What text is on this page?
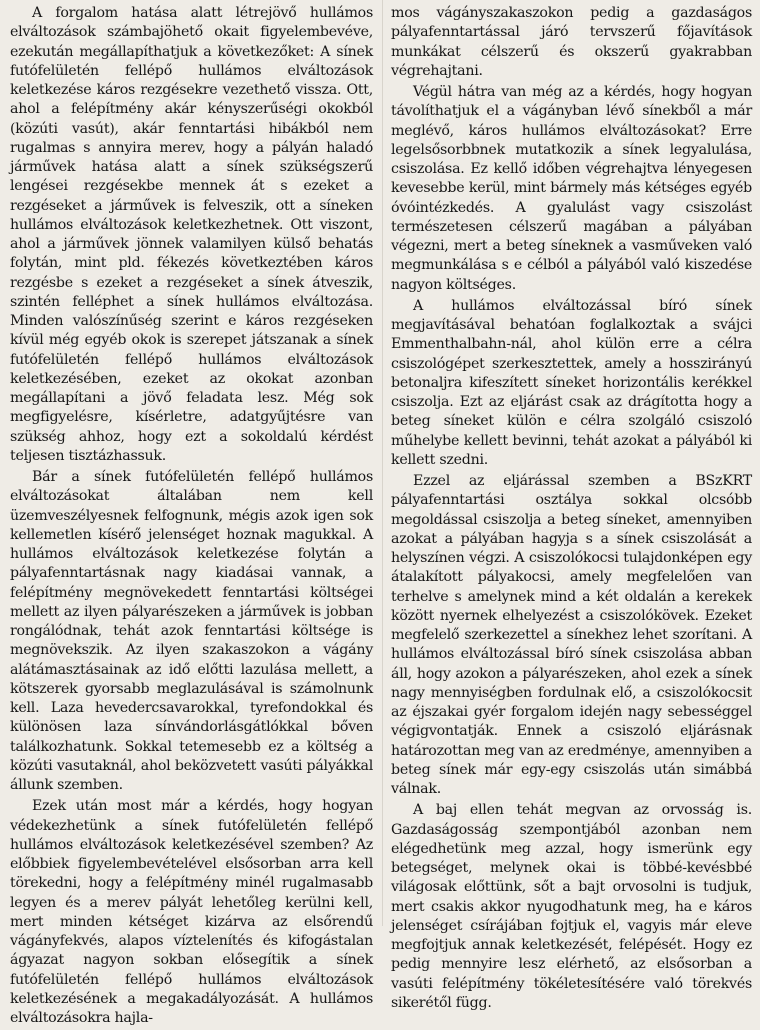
A forgalom hatása alatt létrejövő hullámos elváltozások számbajöhető okait figyelembevéve, ezekután megállapíthatjuk a következőket: A sínek futófelületén fellépő hullámos elváltozások keletkezése káros rezgésekre vezethető vissza. Ott, ahol a felépítmény akár kényszerűségi okokból (közúti vasút), akár fenntartási hibákból nem rugalmas s annyira merev, hogy a pályán haladó járművek hatása alatt a sínek szükségszerű lengései rezgésekbe mennek át s ezeket a rezgéseket a járművek is felveszik, ott a síneken hullámos elváltozások keletkezhetnek. Ott viszont, ahol a járművek jönnek valamilyen külső behatás folytán, mint pld. fékezés következtében káros rezgésbe s ezeket a rezgéseket a sínek átveszik, szintén felléphet a sínek hullámos elváltozása. Minden valószínűség szerint e káros rezgéseken kívül még egyéb okok is szerepet játszanak a sínek futófelületén fellépő hullámos elváltozások keletkezésében, ezeket az okokat azonban megállapítani a jövő feladata lesz. Még sok megfigyelésre, kísérletre, adatgyűjtésre van szükség ahhoz, hogy ezt a sokoldalú kérdést teljesen tisztázhassuk.

Bár a sínek futófelületén fellépő hullámos elváltozásokat általában nem kell üzemveszélyesnek felfognunk, mégis azok igen sok kellemetlen kísérő jelenséget hoznak magukkal. A hullámos elváltozások keletkezése folytán a pályafenntartásnak nagy kiadásai vannak, a felépítmény megnövekedett fenntartási költségei mellett az ilyen pályarészeken a járművek is jobban rongálódnak, tehát azok fenntartási költsége is megnövekszik. Az ilyen szakaszokon a vágány alátámasztásainak az idő előtti lazulása mellett, a kötszerek gyorsabb meglazulásával is számolnunk kell. Laza hevedercsavarokkal, tyrefondokkal és különösen laza sínvándorlásgátlókkal bőven találkozhatunk. Sokkal tetemesebb ez a költség a közúti vasutaknál, ahol beközvetett vasúti pályákkal állunk szemben.

Ezek után most már a kérdés, hogy hogyan védekezhetünk a sínek futófelületén fellépő hullámos elváltozások keletkezésével szemben? Az előbbiek figyelembevételével elsősorban arra kell törekedni, hogy a felépítmény minél rugalmasabb legyen és a merev pályát lehetőleg kerülni kell, mert minden kétséget kizárva az elsőrendű vágányfekvés, alapos víztelenítés és kifogástalan ágyazat nagyon sokban elősegítik a sínek futófelületén fellépő hullámos elváltozások keletkezésének a megakadályozását. A hullámos elváltozásokra hajla-

mos vágányszakaszokon pedig a gazdaságos pályafenntartással járó tervszerű főjavítások munkákat célszerű és okszerű gyakrabban végrehajtani.

Végül hátra van még az a kérdés, hogy hogyan távolíthatjuk el a vágányban lévő sínekből a már meglévő, káros hullámos elváltozásokat? Erre legelsősorbbnek mutatkozik a sínek legyalulása, csiszolása. Ez kellő időben végrehajtva lényegesen kevesebbe kerül, mint bármely más kétséges egyéb óvóintézkedés. A gyalulást vagy csiszolást természetesen célszerű magában a pályában végezni, mert a beteg síneknek a vasműveken való megmunkálása s e célból a pályából való kiszedése nagyon költséges.

A hullámos elváltozással bíró sínek megjavításával behatóan foglalkoztak a svájci Emmenthalbahn-nál, ahol külön erre a célra csiszológépet szerkesztettek, amely a hosszirányú betonaljra kifeszített síneket horizontális kerékkel csiszolja. Ezt az eljárást csak az drágította hogy a beteg síneket külön e célra szolgáló csiszoló műhelybe kellett bevinni, tehát azokat a pályából ki kellett szedni.

Ezzel az eljárással szemben a BSzKRT pályafenntartási osztálya sokkal olcsóbb megoldással csiszolja a beteg síneket, amennyiben azokat a pályában hagyja s a sínek csiszolását a helyszínen végzi. A csiszolókocsi tulajdonképen egy átalakított pályakocsi, amely megfelelően van terhelve s amelynek mind a két oldalán a kerekek között nyernek elhelyezést a csiszolókövek. Ezeket megfelelő szerkezettel a sínekhez lehet szorítani. A hullámos elváltozással bíró sínek csiszolása abban áll, hogy azokon a pályarészeken, ahol ezek a sínek nagy mennyiségben fordulnak elő, a csiszolókocsit az éjszakai gyér forgalom idején nagy sebességgel végigvontatják. Ennek a csiszoló eljárásnak határozottan meg van az eredménye, amennyiben a beteg sínek már egy-egy csiszolás után simábbá válnak.

A baj ellen tehát megvan az orvosság is. Gazdaságosság szempontjából azonban nem elégedhetünk meg azzal, hogy ismerünk egy betegséget, melynek okai is többé-kevésbbé világosak előttünk, sőt a bajt orvosolni is tudjuk, mert csakis akkor nyugodhatunk meg, ha e káros jelenséget csírájában fojtjuk el, vagyis már eleve megfojtjuk annak keletkezését, felépését. Hogy ez pedig mennyire lesz elérhető, az elsősorban a vasúti felépítmény tökéletesítésére való törekvés sikerétől függ.
